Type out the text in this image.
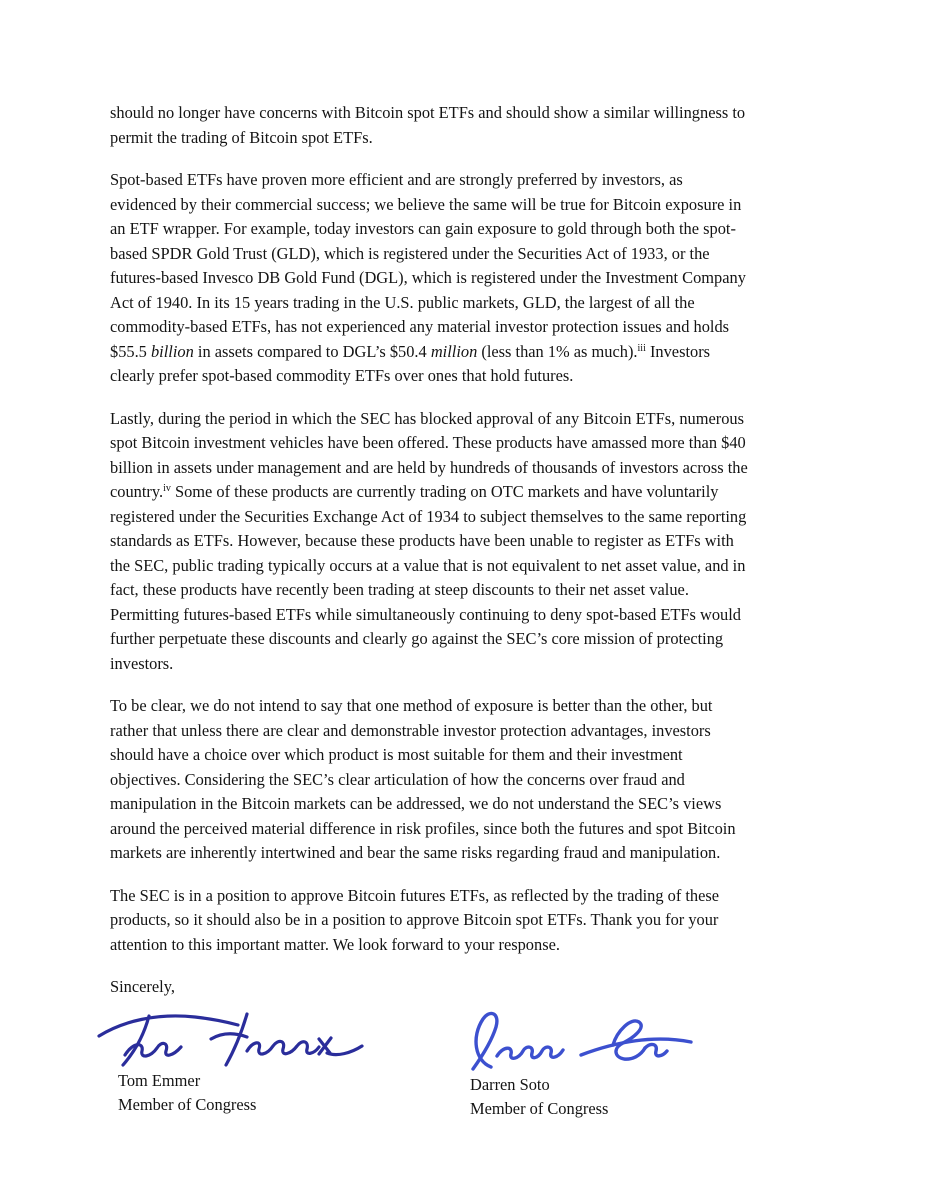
should no longer have concerns with Bitcoin spot ETFs and should show a similar willingness to
permit the trading of Bitcoin spot ETFs.
Spot-based ETFs have proven more efficient and are strongly preferred by investors, as
evidenced by their commercial success; we believe the same will be true for Bitcoin exposure in
an ETF wrapper. For example, today investors can gain exposure to gold through both the spot-
based SPDR Gold Trust (GLD), which is registered under the Securities Act of 1933, or the
futures-based Invesco DB Gold Fund (DGL), which is registered under the Investment Company
Act of 1940. In its 15 years trading in the U.S. public markets, GLD, the largest of all the
commodity-based ETFs, has not experienced any material investor protection issues and holds
$55.5 billion in assets compared to DGL’s $50.4 million (less than 1% as much).$^{iii}$ Investors
clearly prefer spot-based commodity ETFs over ones that hold futures.
Lastly, during the period in which the SEC has blocked approval of any Bitcoin ETFs, numerous
spot Bitcoin investment vehicles have been offered. These products have amassed more than $40
billion in assets under management and are held by hundreds of thousands of investors across the
country.$^{iv}$ Some of these products are currently trading on OTC markets and have voluntarily
registered under the Securities Exchange Act of 1934 to subject themselves to the same reporting
standards as ETFs. However, because these products have been unable to register as ETFs with
the SEC, public trading typically occurs at a value that is not equivalent to net asset value, and in
fact, these products have recently been trading at steep discounts to their net asset value.
Permitting futures-based ETFs while simultaneously continuing to deny spot-based ETFs would
further perpetuate these discounts and clearly go against the SEC’s core mission of protecting
investors.
To be clear, we do not intend to say that one method of exposure is better than the other, but
rather that unless there are clear and demonstrable investor protection advantages, investors
should have a choice over which product is most suitable for them and their investment
objectives. Considering the SEC’s clear articulation of how the concerns over fraud and
manipulation in the Bitcoin markets can be addressed, we do not understand the SEC’s views
around the perceived material difference in risk profiles, since both the futures and spot Bitcoin
markets are inherently intertwined and bear the same risks regarding fraud and manipulation.
The SEC is in a position to approve Bitcoin futures ETFs, as reflected by the trading of these
products, so it should also be in a position to approve Bitcoin spot ETFs. Thank you for your
attention to this important matter. We look forward to your response.
Sincerely,
Tom Emmer
Member of Congress
Darren Soto
Member of Congress
